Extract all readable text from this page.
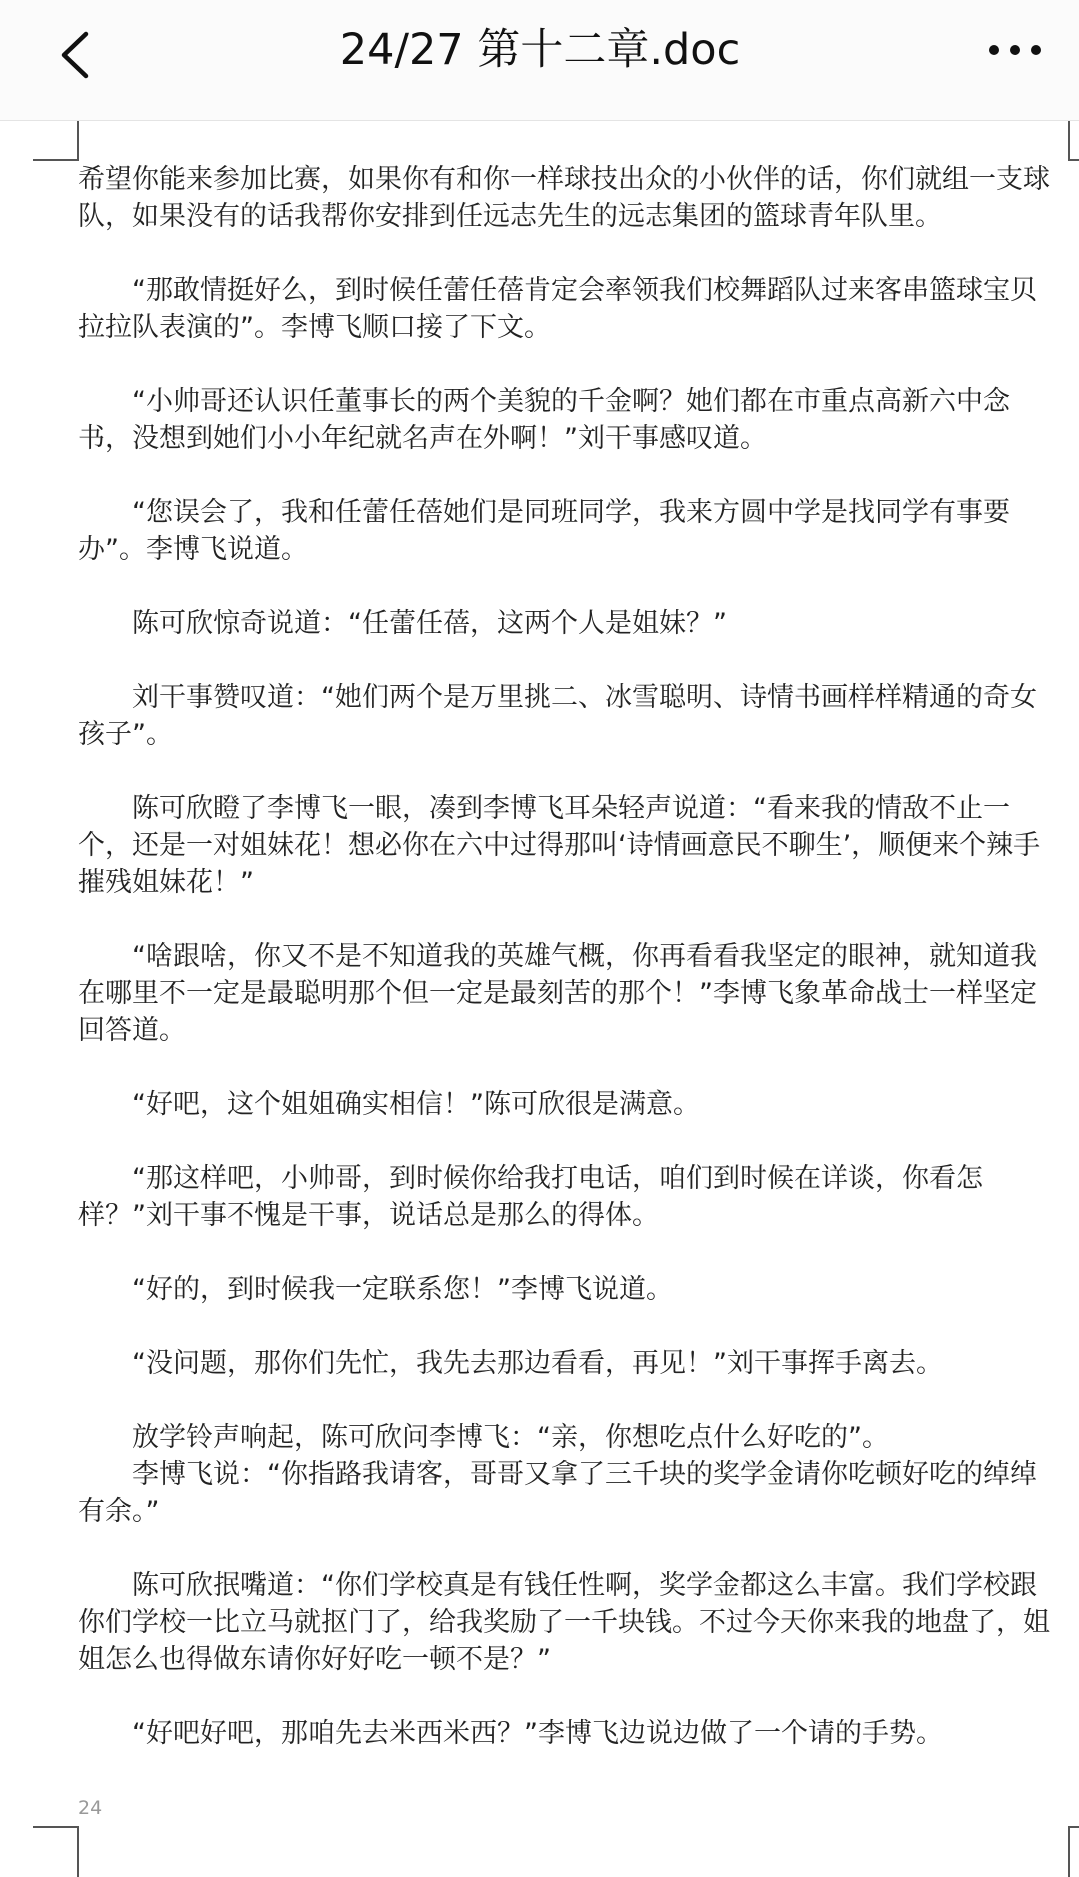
24/27 第十二章.doc

希望你能来参加比赛，如果你有和你一样球技出众的小伙伴的话，你们就组一支球队，如果没有的话我帮你安排到任远志先生的远志集团的篮球青年队里。

“那敢情挺好么，到时候任蕾任蓓肯定会率领我们校舞蹈队过来客串篮球宝贝拉拉队表演的”。李博飞顺口接了下文。

“小帅哥还认识任董事长的两个美貌的千金啊？她们都在市重点高新六中念书，没想到她们小小年纪就名声在外啊！”刘干事感叹道。

“您误会了，我和任蕾任蓓她们是同班同学，我来方圆中学是找同学有事要办”。李博飞说道。

陈可欣惊奇说道：“任蕾任蓓，这两个人是姐妹？”

刘干事赞叹道：“她们两个是万里挑二、冰雪聪明、诗情书画样样精通的奇女孩子”。

陈可欣瞪了李博飞一眼，凑到李博飞耳朵轻声说道：“看来我的情敌不止一个，还是一对姐妹花！想必你在六中过得那叫‘诗情画意民不聊生’，顺便来个辣手摧残姐妹花！”

“啥跟啥，你又不是不知道我的英雄气概，你再看看我坚定的眼神，就知道我在哪里不一定是最聪明那个但一定是最刻苦的那个！”李博飞象革命战士一样坚定回答道。

“好吧，这个姐姐确实相信！”陈可欣很是满意。

“那这样吧，小帅哥，到时候你给我打电话，咱们到时候在详谈，你看怎样？”刘干事不愧是干事，说话总是那么的得体。

“好的，到时候我一定联系您！”李博飞说道。

“没问题，那你们先忙，我先去那边看看，再见！”刘干事挥手离去。

放学铃声响起，陈可欣问李博飞：“亲，你想吃点什么好吃的”。

李博飞说：“你指路我请客，哥哥又拿了三千块的奖学金请你吃顿好吃的绰绰有余。”

陈可欣抿嘴道：“你们学校真是有钱任性啊，奖学金都这么丰富。我们学校跟你们学校一比立马就抠门了，给我奖励了一千块钱。不过今天你来我的地盘了，姐姐怎么也得做东请你好好吃一顿不是？”

“好吧好吧，那咱先去米西米西？”李博飞边说边做了一个请的手势。

24
